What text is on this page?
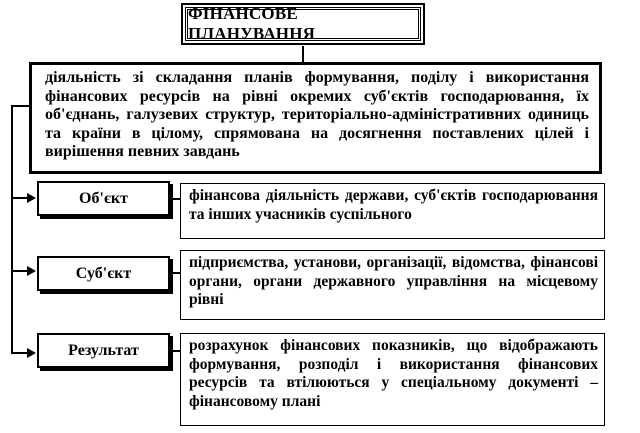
ФІНАНСОВЕ ПЛАНУВАННЯ
діяльність зі складання планів формування, поділу і використання фінансових ресурсів на рівні окремих суб'єктів господарювання, їх об'єднань, галузевих структур, територіально-адміністративних одиниць та країни в цілому, спрямована на досягнення поставлених цілей і вирішення певних завдань
Об'єкт	фінансова діяльність держави, суб'єктів господарювання та інших учасників суспільного
Суб'єкт
підприємства, установи, організації, відомства, фінансові органи, органи державного управління на місцевому рівні
Результат	розрахунок фінансових показників, що відображають формування, розподіл і використання фінансових ресурсів та втілюються у спеціальному документі – фінансовому плані
